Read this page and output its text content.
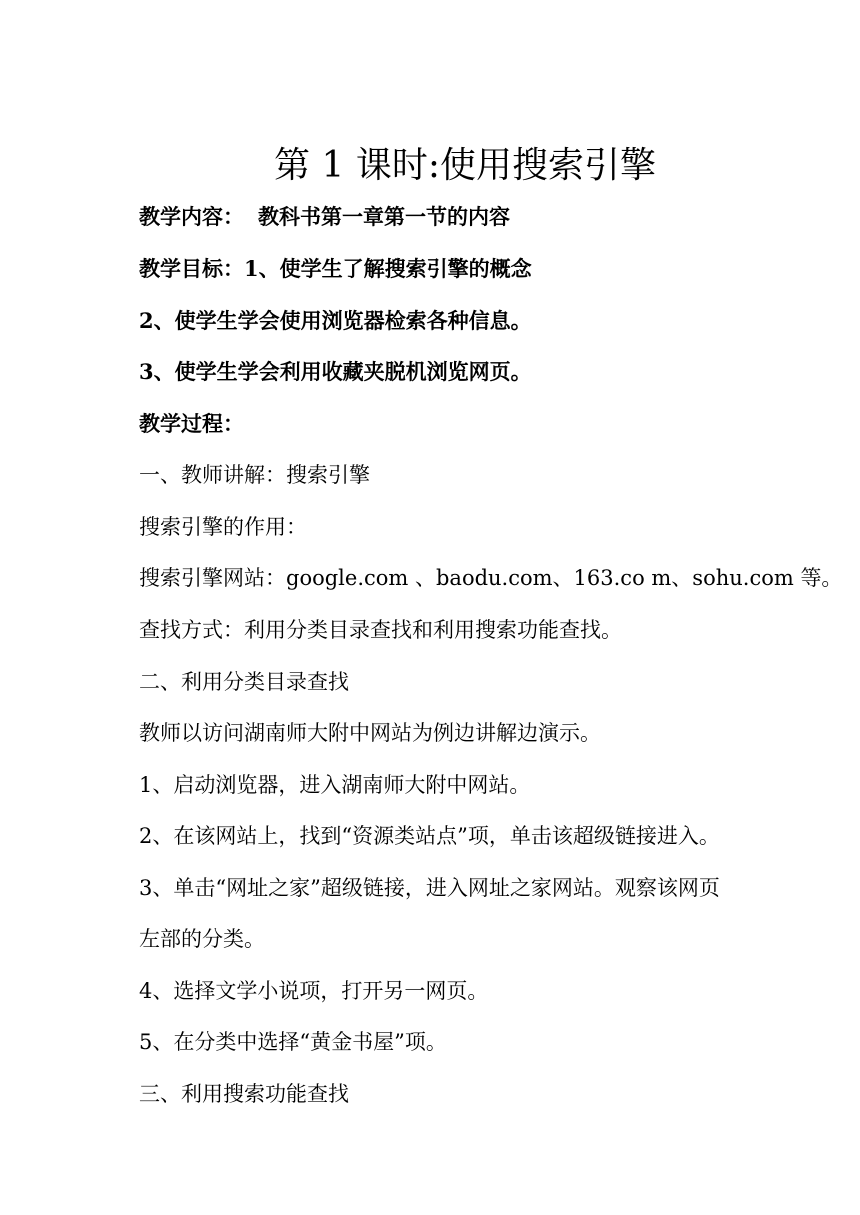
第 1 课时:使用搜索引擎

教学内容： 教科书第一章第一节的内容

教学目标：1、使学生了解搜索引擎的概念

2、使学生学会使用浏览器检索各种信息。

3、使学生学会利用收藏夹脱机浏览网页。

教学过程：

一、教师讲解：搜索引擎

搜索引擎的作用：

搜索引擎网站：google.com 、baodu.com、163.co m、sohu.com 等。

查找方式：利用分类目录查找和利用搜索功能查找。

二、利用分类目录查找

教师以访问湖南师大附中网站为例边讲解边演示。

1、启动浏览器，进入湖南师大附中网站。

2、在该网站上，找到“资源类站点”项，单击该超级链接进入。

3、单击“网址之家”超级链接，进入网址之家网站。观察该网页

左部的分类。

4、选择文学小说项，打开另一网页。

5、在分类中选择“黄金书屋”项。

三、利用搜索功能查找
